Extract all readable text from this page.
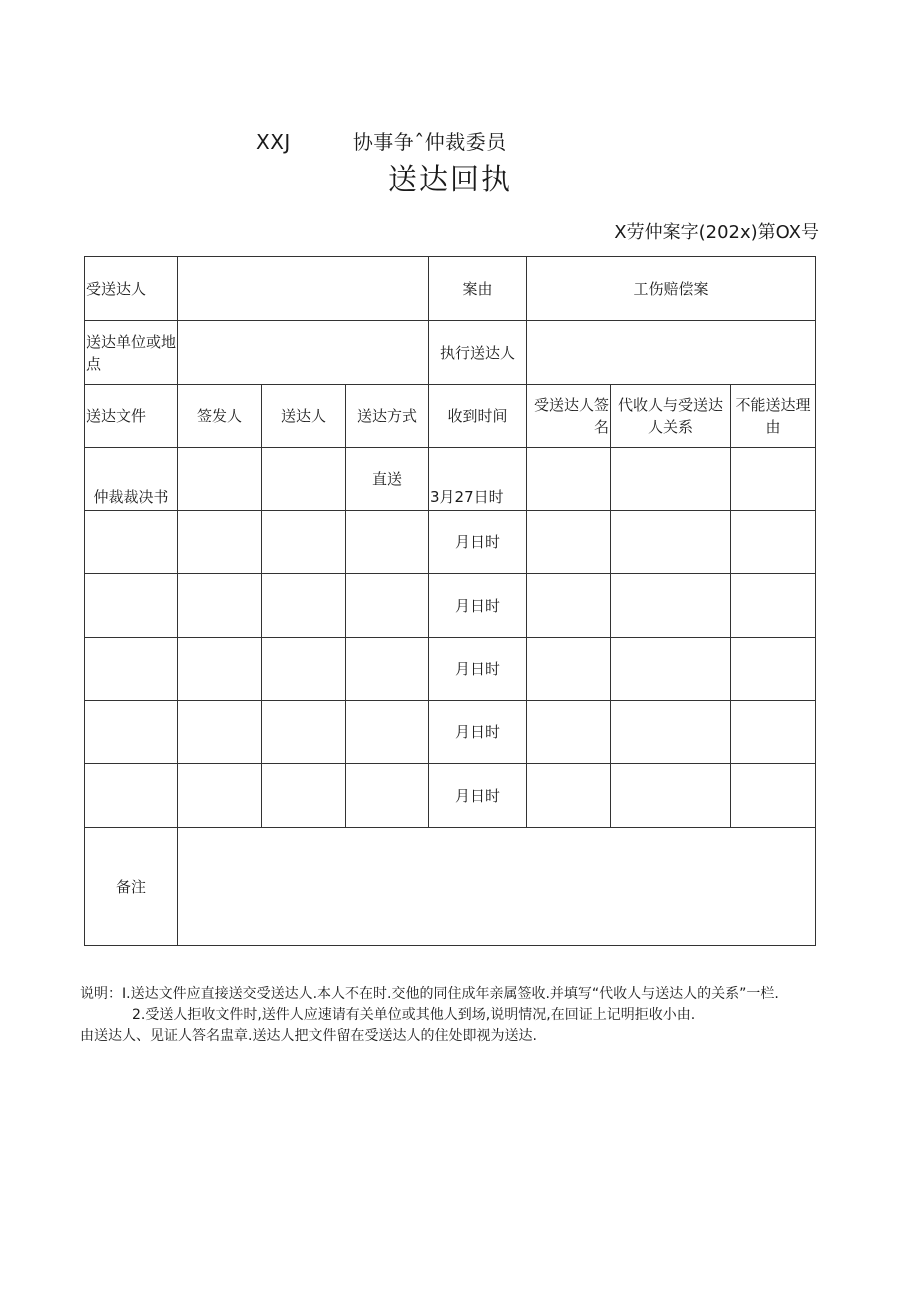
XXJ	协事争ˆ仲裁委员
送达回执
X劳仲案字(202x)第OX号
受送达人				案由	工伤赔偿案		
送达单位或地点				执行送达人			
送达文件	签发人	送达人	送达方式	收到时间	受送达人签名	代收人与受送达人关系	不能送达理由
仲裁裁决书			直送	3月27日时			

				月日时			
				月日时			
				月日时			
				月日时			
				月日时			
备注							

说明：Ⅰ.送达文件应直接送交受送达人.本人不在时.交他的同住成年亲属签收.并填写“代收人与送达人的关系”一栏.

2.受送人拒收文件时,送件人应速请有关单位或其他人到场,说明情况,在回证上记明拒收小由.

由送达人、见证人答名盅章.送达人把文件留在受送达人的住处即视为送达.
